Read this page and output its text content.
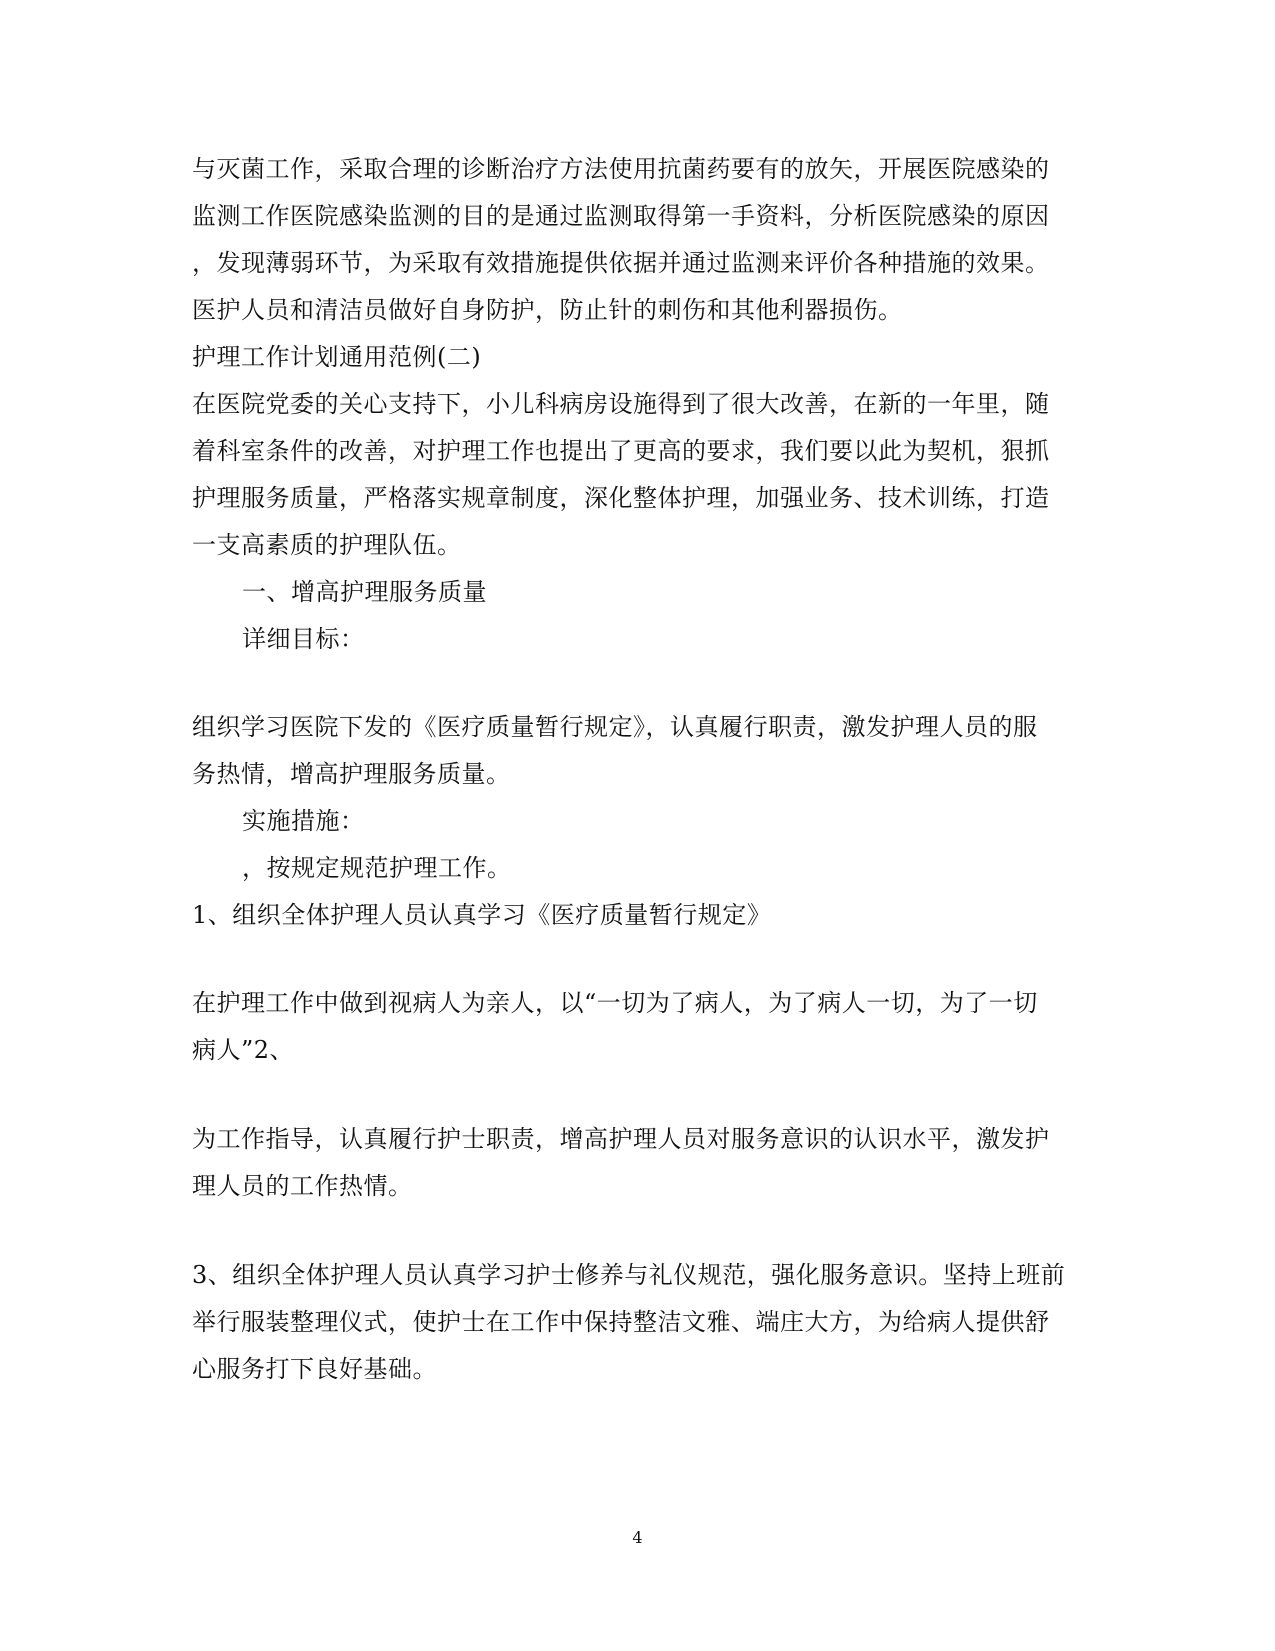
与灭菌工作，采取合理的诊断治疗方法使用抗菌药要有的放矢，开展医院感染的
监测工作医院感染监测的目的是通过监测取得第一手资料，分析医院感染的原因
，发现薄弱环节，为采取有效措施提供依据并通过监测来评价各种措施的效果。
医护人员和清洁员做好自身防护，防止针的刺伤和其他利器损伤。
护理工作计划通用范例(二)
在医院党委的关心支持下，小儿科病房设施得到了很大改善，在新的一年里，随
着科室条件的改善，对护理工作也提出了更高的要求，我们要以此为契机，狠抓
护理服务质量，严格落实规章制度，深化整体护理，加强业务、技术训练，打造
一支高素质的护理队伍。
一、增高护理服务质量
详细目标：
组织学习医院下发的《医疗质量暂行规定》，认真履行职责，激发护理人员的服
务热情，增高护理服务质量。
实施措施：
，按规定规范护理工作。
1、组织全体护理人员认真学习《医疗质量暂行规定》
在护理工作中做到视病人为亲人，以“一切为了病人，为了病人一切，为了一切
病人”2、
为工作指导，认真履行护士职责，增高护理人员对服务意识的认识水平，激发护
理人员的工作热情。
3、组织全体护理人员认真学习护士修养与礼仪规范，强化服务意识。坚持上班前
举行服装整理仪式，使护士在工作中保持整洁文雅、端庄大方，为给病人提供舒
心服务打下良好基础。
4
